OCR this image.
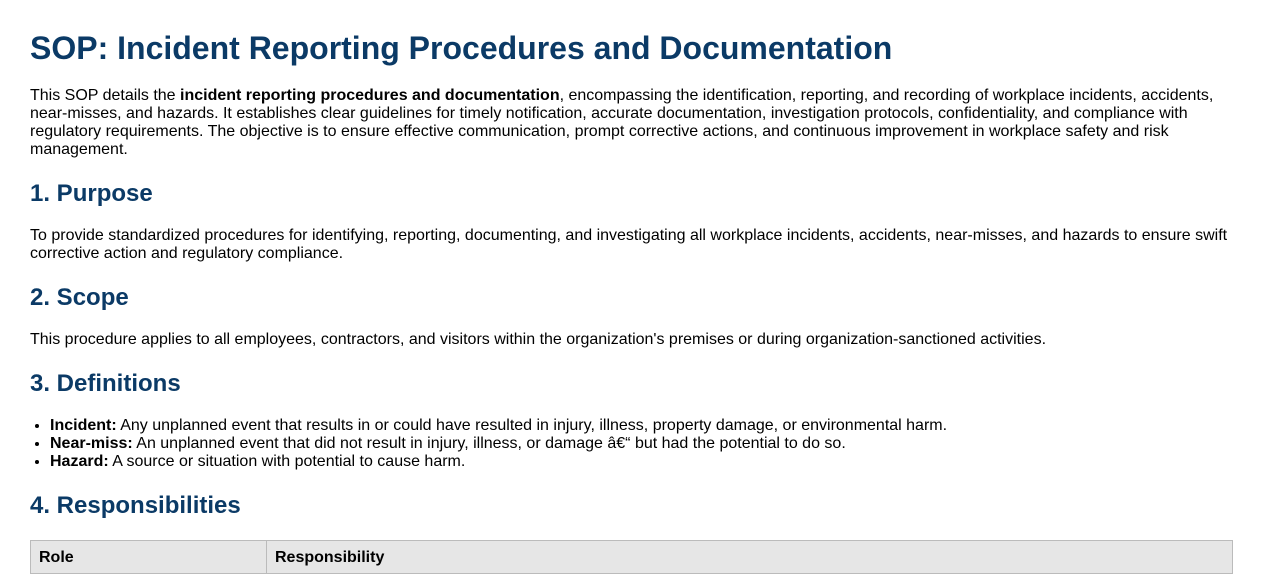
SOP: Incident Reporting Procedures and Documentation

This SOP details the incident reporting procedures and documentation, encompassing the identification, reporting, and recording of workplace incidents, accidents, near-misses, and hazards. It establishes clear guidelines for timely notification, accurate documentation, investigation protocols, confidentiality, and compliance with regulatory requirements. The objective is to ensure effective communication, prompt corrective actions, and continuous improvement in workplace safety and risk management.

1. Purpose

To provide standardized procedures for identifying, reporting, documenting, and investigating all workplace incidents, accidents, near-misses, and hazards to ensure swift corrective action and regulatory compliance.

2. Scope

This procedure applies to all employees, contractors, and visitors within the organization's premises or during organization-sanctioned activities.

3. Definitions
• Incident: Any unplanned event that results in or could have resulted in injury, illness, property damage, or environmental harm.
• Near-miss: An unplanned event that did not result in injury, illness, or damage â€“ but had the potential to do so.
• Hazard: A source or situation with potential to cause harm.
4. Responsibilities
Role	Responsibility
